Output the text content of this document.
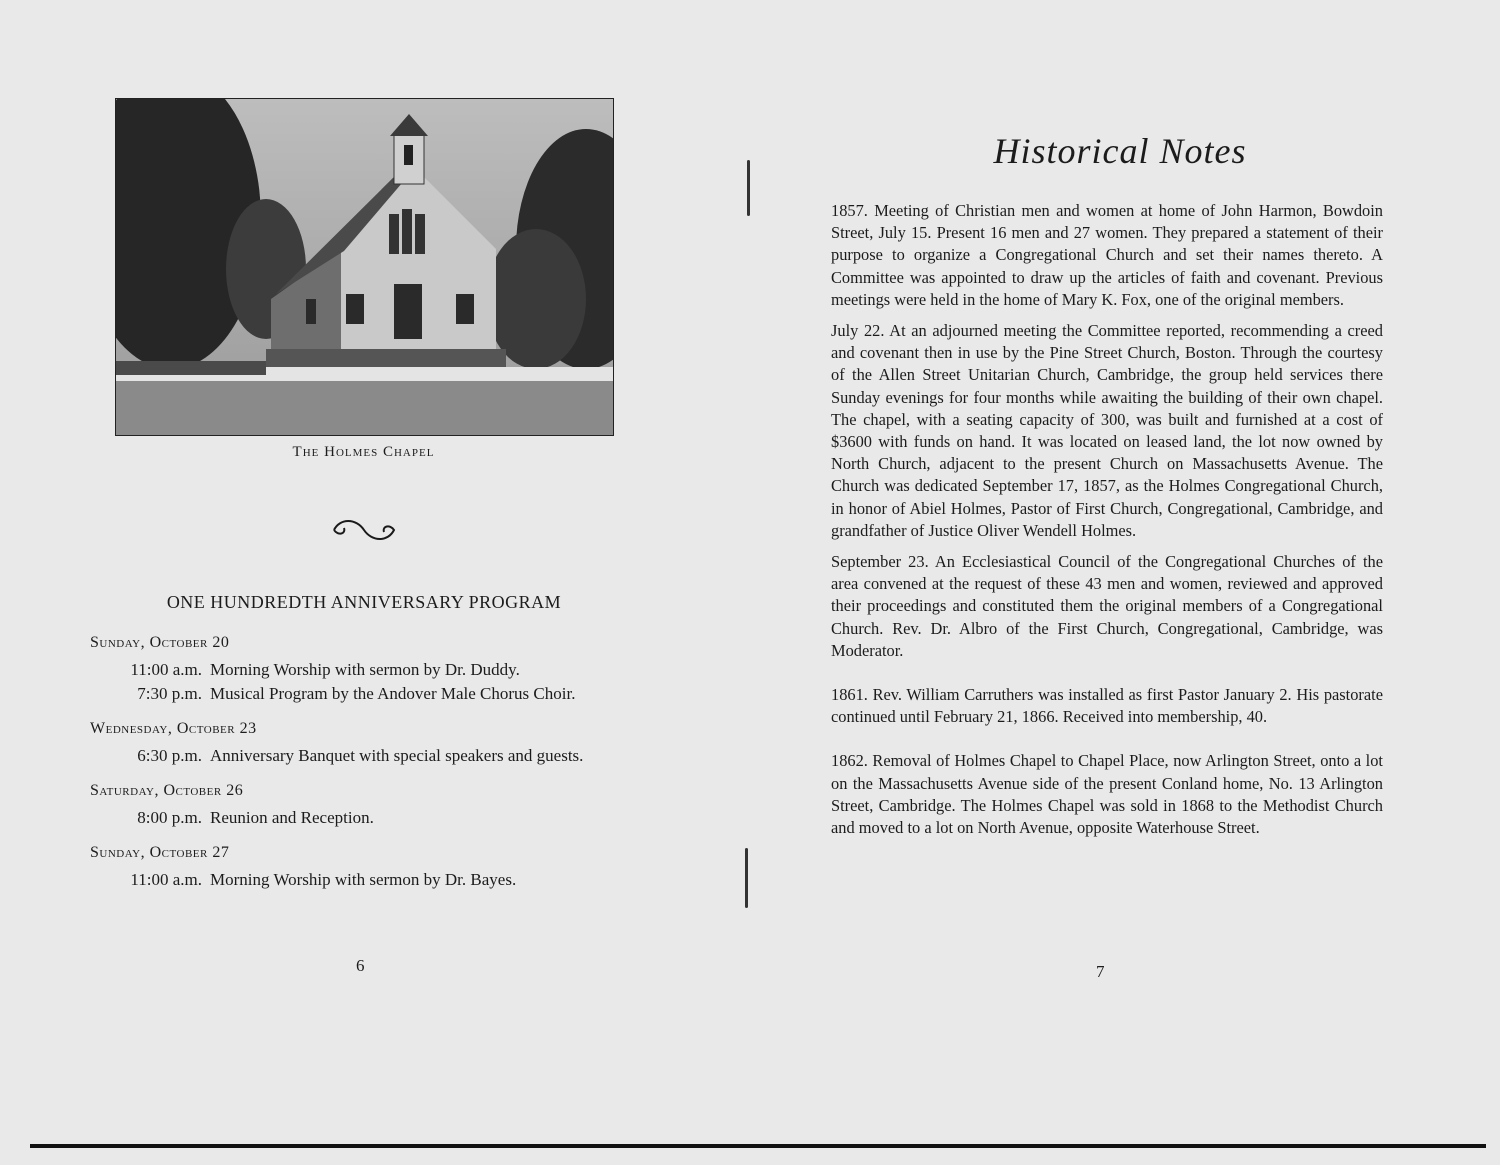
The Holmes Chapel
ONE HUNDREDTH ANNIVERSARY PROGRAM
Sunday, October 20
11:00 a.m. Morning Worship with sermon by Dr. Duddy.
7:30 p.m. Musical Program by the Andover Male Chorus Choir.
Wednesday, October 23
6:30 p.m. Anniversary Banquet with special speakers and guests.
Saturday, October 26
8:00 p.m. Reunion and Reception.
Sunday, October 27
11:00 a.m. Morning Worship with sermon by Dr. Bayes.
6
Historical Notes

1857. Meeting of Christian men and women at home of John Harmon, Bowdoin Street, July 15. Present 16 men and 27 women. They prepared a statement of their purpose to organize a Congregational Church and set their names thereto. A Committee was appointed to draw up the articles of faith and covenant. Previous meetings were held in the home of Mary K. Fox, one of the original members.

July 22. At an adjourned meeting the Committee reported, recommending a creed and covenant then in use by the Pine Street Church, Boston. Through the courtesy of the Allen Street Unitarian Church, Cambridge, the group held services there Sunday evenings for four months while awaiting the building of their own chapel. The chapel, with a seating capacity of 300, was built and furnished at a cost of $3600 with funds on hand. It was located on leased land, the lot now owned by North Church, adjacent to the present Church on Massachusetts Avenue. The Church was dedicated September 17, 1857, as the Holmes Congregational Church, in honor of Abiel Holmes, Pastor of First Church, Congregational, Cambridge, and grandfather of Justice Oliver Wendell Holmes.

September 23. An Ecclesiastical Council of the Congregational Churches of the area convened at the request of these 43 men and women, reviewed and approved their proceedings and constituted them the original members of a Congregational Church. Rev. Dr. Albro of the First Church, Congregational, Cambridge, was Moderator.

1861. Rev. William Carruthers was installed as first Pastor January 2. His pastorate continued until February 21, 1866. Received into membership, 40.

1862. Removal of Holmes Chapel to Chapel Place, now Arlington Street, onto a lot on the Massachusetts Avenue side of the present Conland home, No. 13 Arlington Street, Cambridge. The Holmes Chapel was sold in 1868 to the Methodist Church and moved to a lot on North Avenue, opposite Waterhouse Street.

7
